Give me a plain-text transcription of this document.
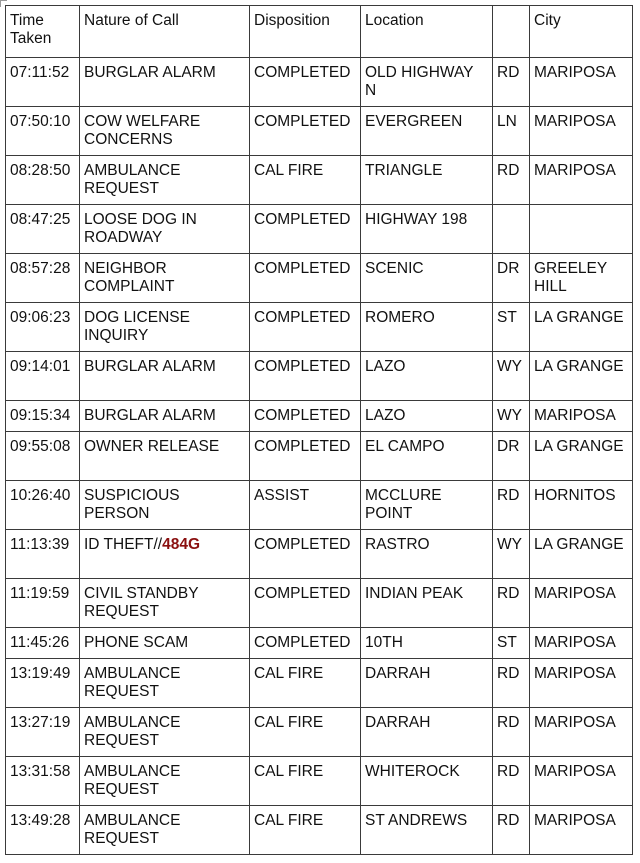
Time Taken	Nature of Call	Disposition	Location		City
07:11:52	BURGLAR ALARM	COMPLETED	OLD HIGHWAY N	RD	MARIPOSA
07:50:10	COW WELFARE CONCERNS	COMPLETED	EVERGREEN	LN	MARIPOSA
08:28:50	AMBULANCE REQUEST	CAL FIRE	TRIANGLE	RD	MARIPOSA
08:47:25	LOOSE DOG IN ROADWAY	COMPLETED	HIGHWAY 198		
08:57:28	NEIGHBOR COMPLAINT	COMPLETED	SCENIC	DR	GREELEY HILL
09:06:23	DOG LICENSE INQUIRY	COMPLETED	ROMERO	ST	LA GRANGE
09:14:01	BURGLAR ALARM	COMPLETED	LAZO	WY	LA GRANGE
09:15:34	BURGLAR ALARM	COMPLETED	LAZO	WY	MARIPOSA
09:55:08	OWNER RELEASE	COMPLETED	EL CAMPO	DR	LA GRANGE
10:26:40	SUSPICIOUS PERSON	ASSIST	MCCLURE POINT	RD	HORNITOS
11:13:39	ID THEFT//484G	COMPLETED	RASTRO	WY	LA GRANGE
11:19:59	CIVIL STANDBY REQUEST	COMPLETED	INDIAN PEAK	RD	MARIPOSA
11:45:26	PHONE SCAM	COMPLETED	10TH	ST	MARIPOSA
13:19:49	AMBULANCE REQUEST	CAL FIRE	DARRAH	RD	MARIPOSA
13:27:19	AMBULANCE REQUEST	CAL FIRE	DARRAH	RD	MARIPOSA
13:31:58	AMBULANCE REQUEST	CAL FIRE	WHITEROCK	RD	MARIPOSA
13:49:28	AMBULANCE REQUEST	CAL FIRE	ST ANDREWS	RD	MARIPOSA
